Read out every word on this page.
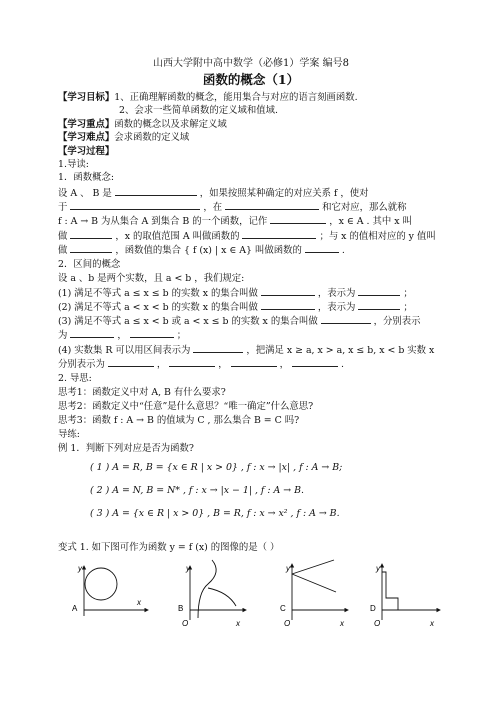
山西大学附中高中数学（必修1）学案 编号8
函数的概念（1）
【学习目标】1、正确理解函数的概念，能用集合与对应的语言刻画函数.
2、会求一些简单函数的定义域和值域.
【学习重点】函数的概念以及求解定义域
【学习难点】会求函数的定义域
【学习过程】
1.导读:
1．函数概念:
设 A 、 B 是	，如果按照某种确定的对应关系 f ，使对
于	，在	和它对应，那么就称
f : A → B 为从集合 A 到集合 B 的一个函数，记作	，x ∈ A . 其中 x 叫
做	，x 的取值范围 A 叫做函数的	；与 x 的值相对应的 y 值叫
做	，函数值的集合 { f (x) | x ∈ A} 叫做函数的	.
2．区间的概念
设 a 、b 是两个实数，且 a < b ，我们规定:
(1) 满足不等式 a ≤ x ≤ b 的实数 x 的集合叫做	，表示为	；
(2) 满足不等式 a < x < b 的实数 x 的集合叫做	，表示为	；
(3) 满足不等式 a ≤ x < b 或 a < x ≤ b 的实数 x 的集合叫做	，分别表示
为	，	；
(4) 实数集 R 可以用区间表示为	，把满足 x ≥ a, x > a, x ≤ b, x < b 实数 x
分别表示为	，	，	，	.
2. 导思:
思考1：函数定义中对 A, B 有什么要求?
思考2：函数定义中“任意”是什么意思？“唯一确定”什么意思?
思考3：函数 f : A → B 的值域为 C , 那么集合 B = C 吗?
导练:
例 1．判断下列对应是否为函数?
( 1 ) A = R, B = {x ∈ R | x > 0} , f : x → |x| , f : A → B;
( 2 ) A = N, B = N* , f : x → |x − 1| , f : A → B.
( 3 ) A = {x ∈ R | x > 0} , B = R, f : x → x² , f : A → B.
变式 1. 如下图可作为函数 y = f (x) 的图像的是（ ）
y
x
A
y
x
O
B
y
x
O
C
y
x
O
D
